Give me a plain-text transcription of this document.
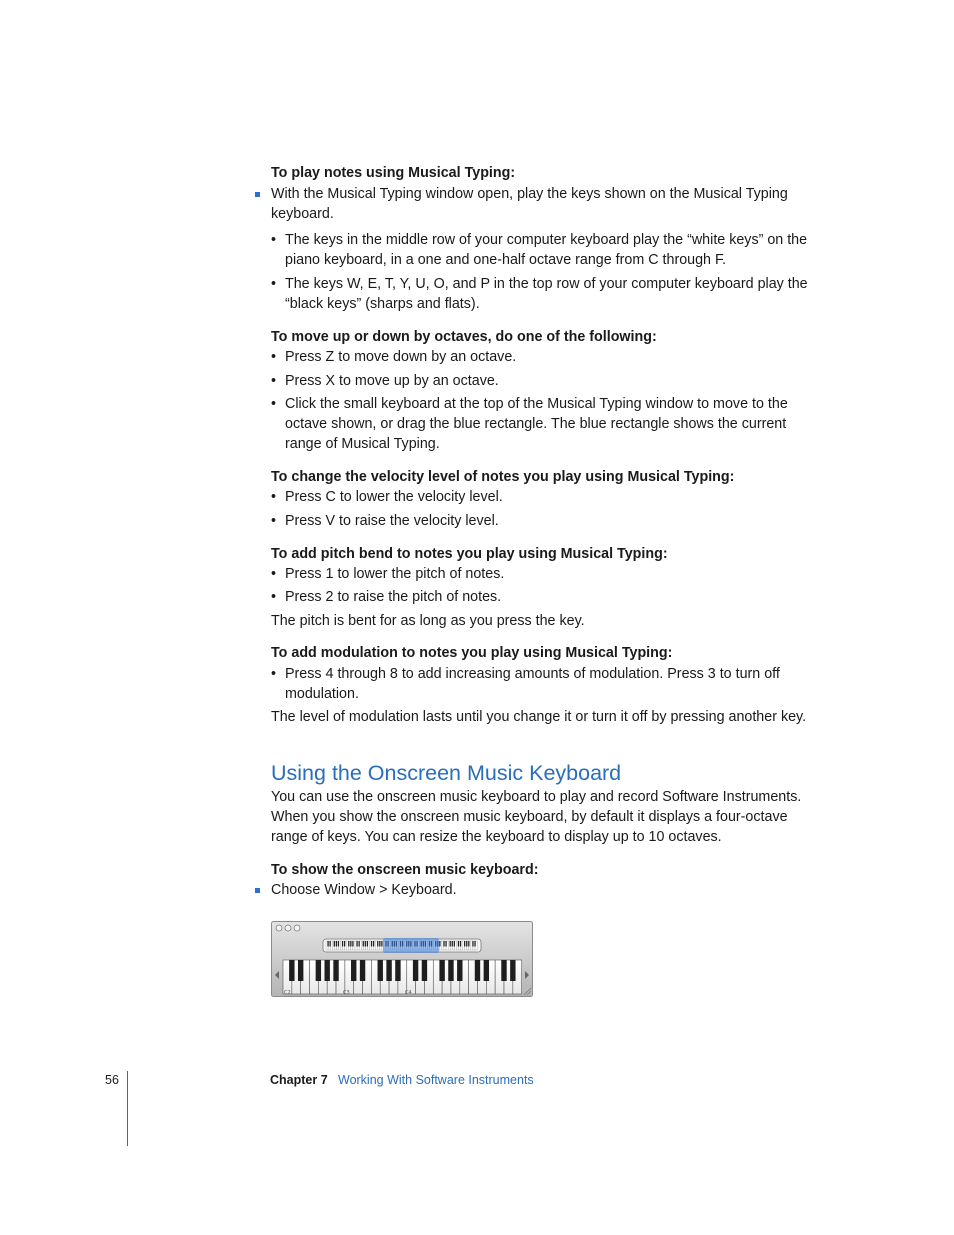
To play notes using Musical Typing:
With the Musical Typing window open, play the keys shown on the Musical Typing
keyboard.
• The keys in the middle row of your computer keyboard play the “white keys” on the
piano keyboard, in a one and one-half octave range from C through F.
• The keys W, E, T, Y, U, O, and P in the top row of your computer keyboard play the
“black keys” (sharps and flats).
To move up or down by octaves, do one of the following:
• Press Z to move down by an octave.
• Press X to move up by an octave.
• Click the small keyboard at the top of the Musical Typing window to move to the
octave shown, or drag the blue rectangle. The blue rectangle shows the current
range of Musical Typing.
To change the velocity level of notes you play using Musical Typing:
• Press C to lower the velocity level.
• Press V to raise the velocity level.
To add pitch bend to notes you play using Musical Typing:
• Press 1 to lower the pitch of notes.
• Press 2 to raise the pitch of notes.
The pitch is bent for as long as you press the key.
To add modulation to notes you play using Musical Typing:
• Press 4 through 8 to add increasing amounts of modulation. Press 3 to turn off
modulation.
The level of modulation lasts until you change it or turn it off by pressing another key.
Using the Onscreen Music Keyboard
You can use the onscreen music keyboard to play and record Software Instruments.
When you show the onscreen music keyboard, by default it displays a four-octave
range of keys. You can resize the keyboard to display up to 10 octaves.
To show the onscreen music keyboard:
Choose Window > Keyboard.
C2	C3	C4
56	Chapter 7 Working With Software Instruments
